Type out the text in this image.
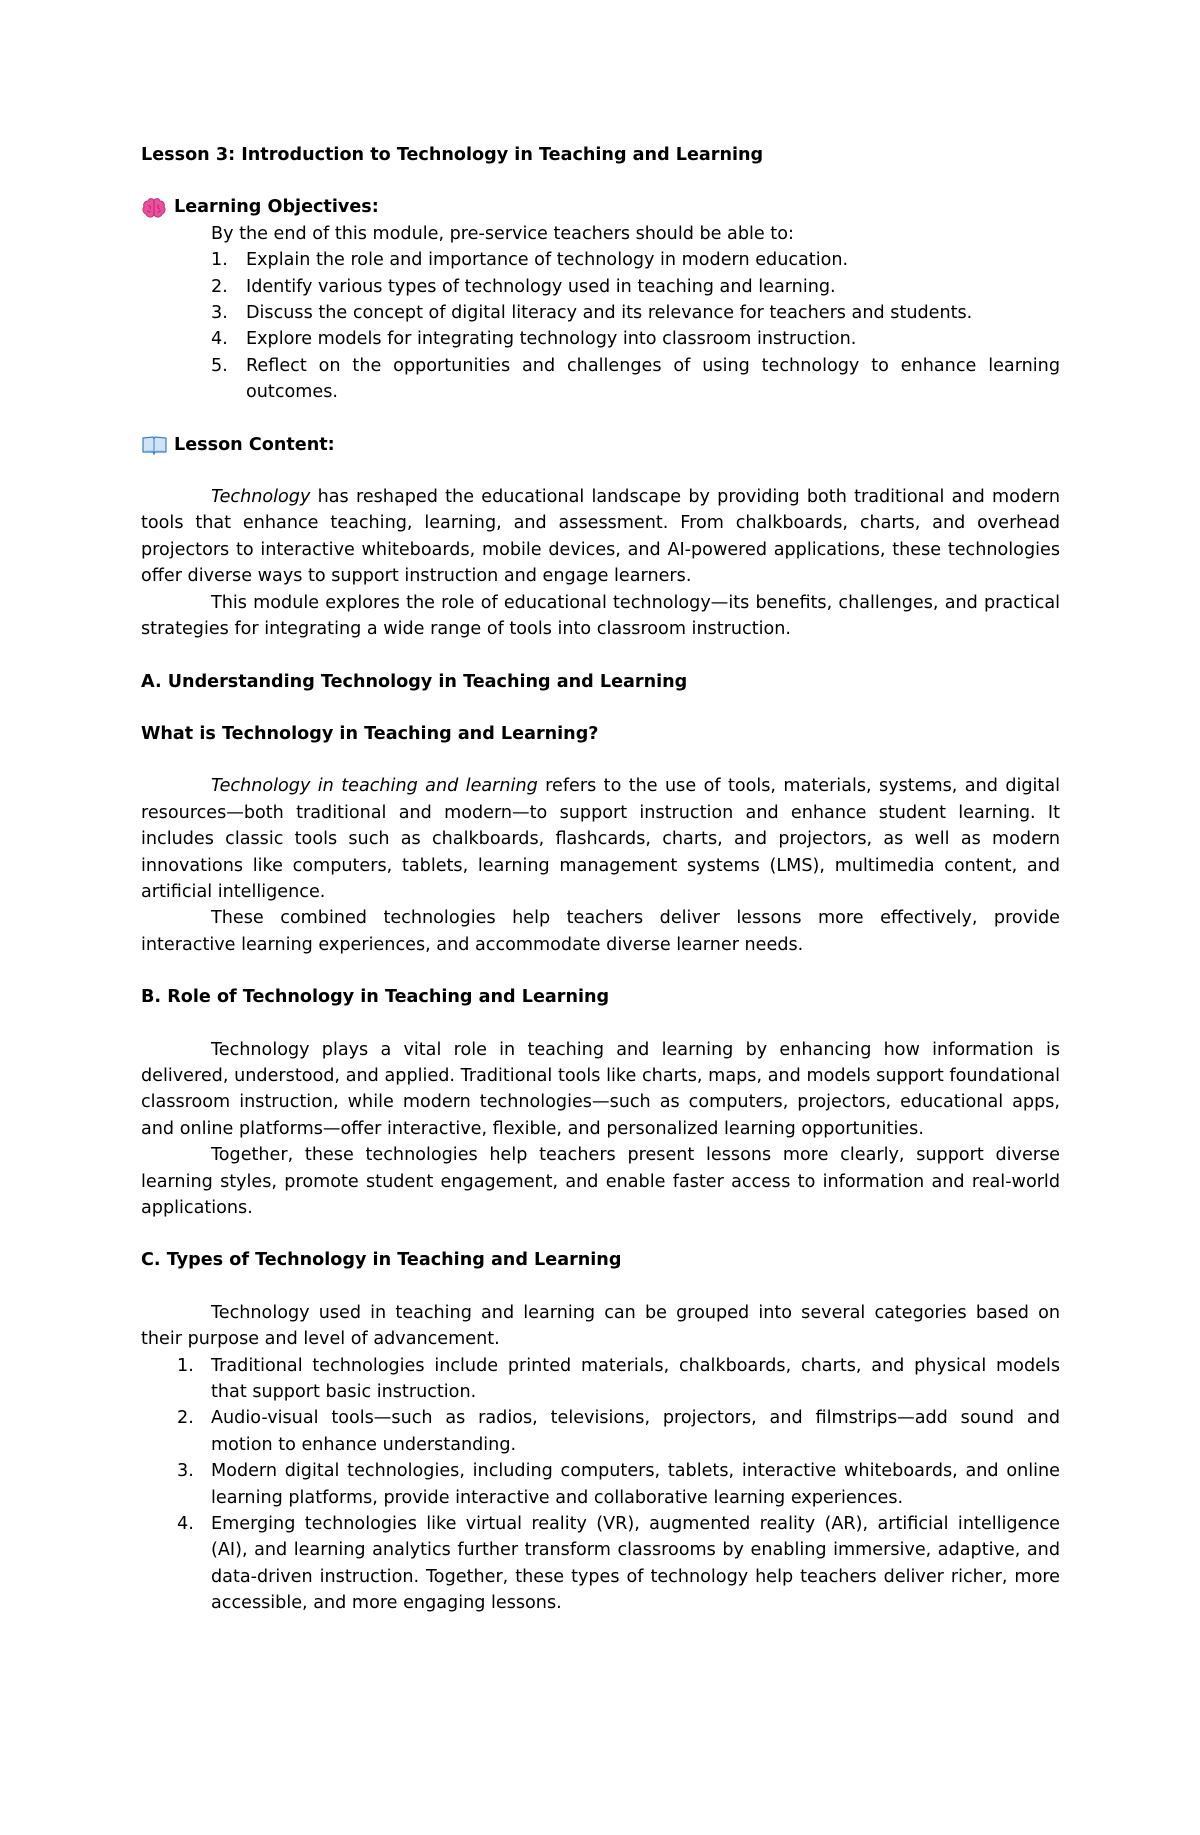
Lesson 3: Introduction to Technology in Teaching and Learning

Learning Objectives:

By the end of this module, pre-service teachers should be able to:

1. Explain the role and importance of technology in modern education.
2. Identify various types of technology used in teaching and learning.
3. Discuss the concept of digital literacy and its relevance for teachers and students.
4. Explore models for integrating technology into classroom instruction.
5. Reflect on the opportunities and challenges of using technology to enhance learning outcomes.
Lesson Content:

Technology has reshaped the educational landscape by providing both traditional and modern tools that enhance teaching, learning, and assessment. From chalkboards, charts, and overhead projectors to interactive whiteboards, mobile devices, and AI-powered applications, these technologies offer diverse ways to support instruction and engage learners.

This module explores the role of educational technology—its benefits, challenges, and practical strategies for integrating a wide range of tools into classroom instruction.

A. Understanding Technology in Teaching and Learning

What is Technology in Teaching and Learning?

Technology in teaching and learning refers to the use of tools, materials, systems, and digital resources—both traditional and modern—to support instruction and enhance student learning. It includes classic tools such as chalkboards, flashcards, charts, and projectors, as well as modern innovations like computers, tablets, learning management systems (LMS), multimedia content, and artificial intelligence.

These combined technologies help teachers deliver lessons more effectively, provide interactive learning experiences, and accommodate diverse learner needs.

B. Role of Technology in Teaching and Learning

Technology plays a vital role in teaching and learning by enhancing how information is delivered, understood, and applied. Traditional tools like charts, maps, and models support foundational classroom instruction, while modern technologies—such as computers, projectors, educational apps, and online platforms—offer interactive, flexible, and personalized learning opportunities.

Together, these technologies help teachers present lessons more clearly, support diverse learning styles, promote student engagement, and enable faster access to information and real-world applications.

C. Types of Technology in Teaching and Learning

Technology used in teaching and learning can be grouped into several categories based on their purpose and level of advancement.

1. Traditional technologies include printed materials, chalkboards, charts, and physical models that support basic instruction.
2. Audio-visual tools—such as radios, televisions, projectors, and filmstrips—add sound and motion to enhance understanding.
3. Modern digital technologies, including computers, tablets, interactive whiteboards, and online learning platforms, provide interactive and collaborative learning experiences.
4. Emerging technologies like virtual reality (VR), augmented reality (AR), artificial intelligence (AI), and learning analytics further transform classrooms by enabling immersive, adaptive, and data-driven instruction. Together, these types of technology help teachers deliver richer, more accessible, and more engaging lessons.
